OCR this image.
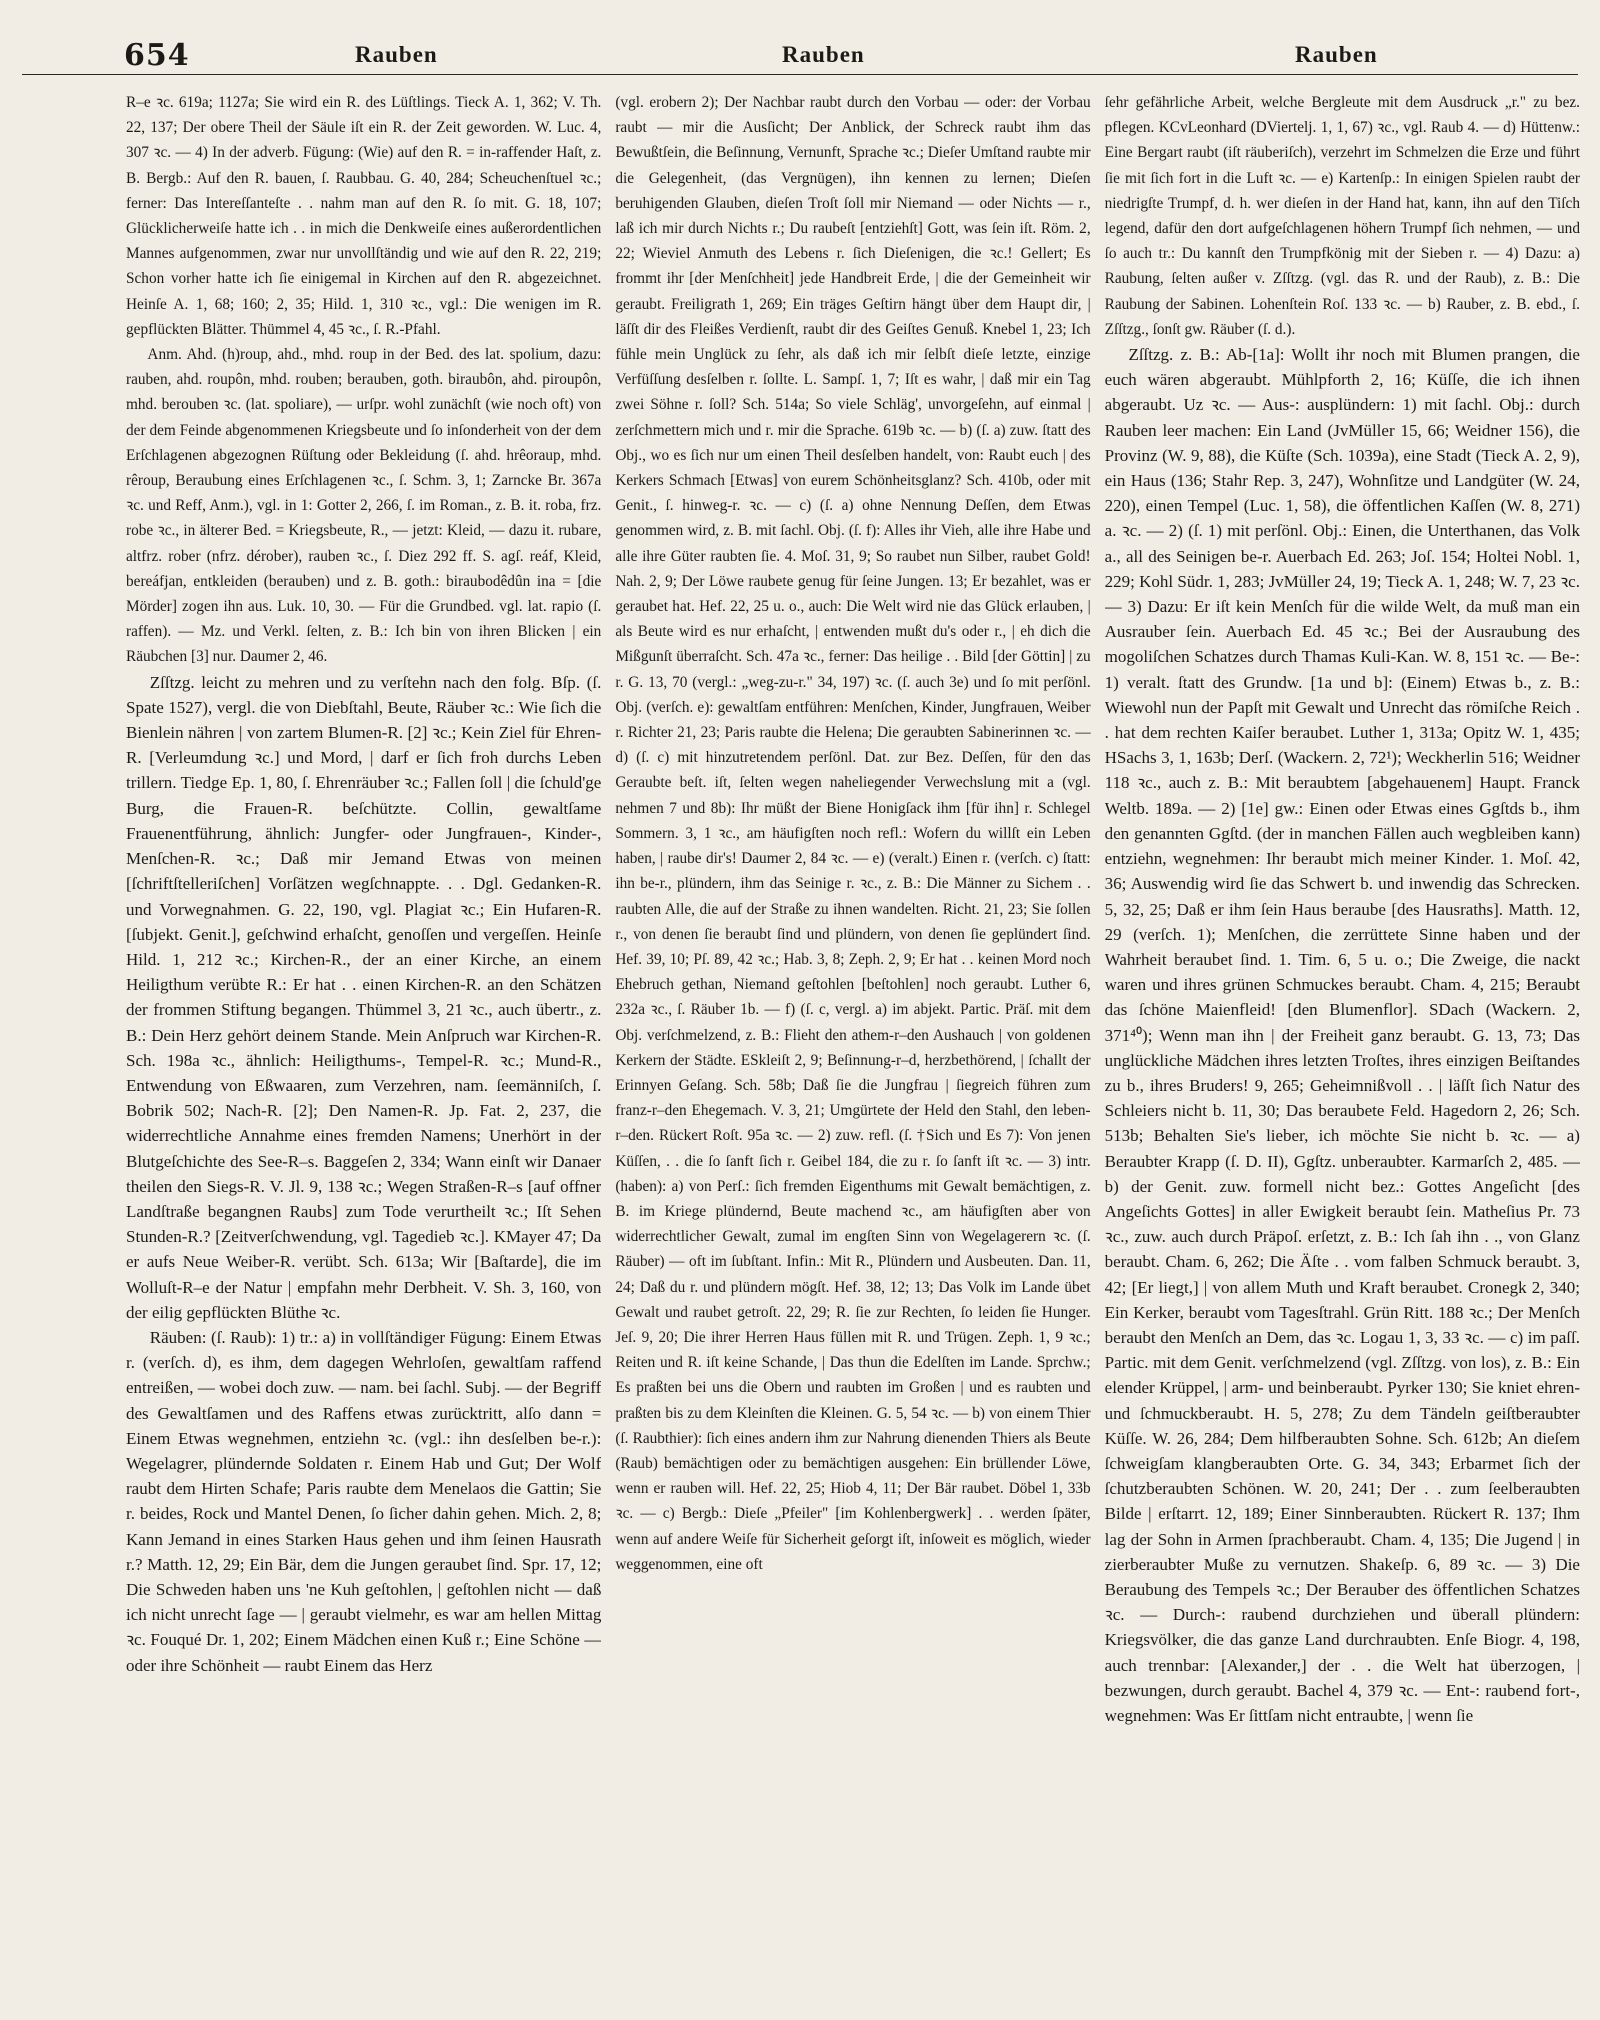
654	Rauben	Rauben	Rauben

R–e ꝛc. 619a; 1127a; Sie wird ein R. des Lüſtlings. Tieck A. 1, 362; V. Th. 22, 137; Der obere Theil der Säule iſt ein R. der Zeit geworden. W. Luc. 4, 307 ꝛc. — 4) In der adverb. Fügung: (Wie) auf den R. = in-raffender Haſt, z. B. Bergb.: Auf den R. bauen, ſ. Raubbau. G. 40, 284; Scheuchenſtuel ꝛc.; ferner: Das Intereſſanteſte . . nahm man auf den R. ſo mit. G. 18, 107; Glücklicherweiſe hatte ich . . in mich die Denkweiſe eines außerordentlichen Mannes aufgenommen, zwar nur unvollſtändig und wie auf den R. 22, 219; Schon vorher hatte ich ſie einigemal in Kirchen auf den R. abgezeichnet. Heinſe A. 1, 68; 160; 2, 35; Hild. 1, 310 ꝛc., vgl.: Die wenigen im R. gepflückten Blätter. Thümmel 4, 45 ꝛc., ſ. R.-Pfahl.

Anm. Ahd. (h)roup, ahd., mhd. roup in der Bed. des lat. spolium, dazu: rauben, ahd. roupôn, mhd. rouben; berauben, goth. biraubôn, ahd. piroupôn, mhd. berouben ꝛc. (lat. spoliare), — urſpr. wohl zunächſt (wie noch oft) von der dem Feinde abgenommenen Kriegsbeute und ſo inſonderheit von der dem Erſchlagenen abgezognen Rüſtung oder Bekleidung (ſ. ahd. hrêoraup, mhd. rêroup, Beraubung eines Erſchlagenen ꝛc., ſ. Schm. 3, 1; Zarncke Br. 367a ꝛc. und Reff, Anm.), vgl. in 1: Gotter 2, 266, ſ. im Roman., z. B. it. roba, frz. robe ꝛc., in älterer Bed. = Kriegsbeute, R., — jetzt: Kleid, — dazu it. rubare, altfrz. rober (nfrz. dérober), rauben ꝛc., ſ. Diez 292 ff. S. agſ. reáf, Kleid, bereáfjan, entkleiden (berauben) und z. B. goth.: biraubodêdûn ina = [die Mörder] zogen ihn aus. Luk. 10, 30. — Für die Grundbed. vgl. lat. rapio (ſ. raffen). — Mz. und Verkl. ſelten, z. B.: Ich bin von ihren Blicken | ein Räubchen [3] nur. Daumer 2, 46.

Zſſtzg. leicht zu mehren und zu verſtehn nach den folg. Bſp. (ſ. Spate 1527), vergl. die von Diebſtahl, Beute, Räuber ꝛc.: Wie ſich die Bienlein nähren | von zartem Blumen-R. [2] ꝛc.; Kein Ziel für Ehren-R. [Verleumdung ꝛc.] und Mord, | darf er ſich froh durchs Leben trillern. Tiedge Ep. 1, 80, ſ. Ehrenräuber ꝛc.; Fallen ſoll | die ſchuld'ge Burg, die Frauen-R. beſchützte. Collin, gewaltſame Frauenentführung, ähnlich: Jungfer- oder Jungfrauen-, Kinder-, Menſchen-R. ꝛc.; Daß mir Jemand Etwas von meinen [ſchriftſtelleriſchen] Vorſätzen wegſchnappte. . . Dgl. Gedanken-R. und Vorwegnahmen. G. 22, 190, vgl. Plagiat ꝛc.; Ein Hufaren-R. [ſubjekt. Genit.], geſchwind erhaſcht, genoſſen und vergeſſen. Heinſe Hild. 1, 212 ꝛc.; Kirchen-R., der an einer Kirche, an einem Heiligthum verübte R.: Er hat . . einen Kirchen-R. an den Schätzen der frommen Stiftung begangen. Thümmel 3, 21 ꝛc., auch übertr., z. B.: Dein Herz gehört deinem Stande. Mein Anſpruch war Kirchen-R. Sch. 198a ꝛc., ähnlich: Heiligthums-, Tempel-R. ꝛc.; Mund-R., Entwendung von Eßwaaren, zum Verzehren, nam. ſeemänniſch, ſ. Bobrik 502; Nach-R. [2]; Den Namen-R. Jp. Fat. 2, 237, die widerrechtliche Annahme eines fremden Namens; Unerhört in der Blutgeſchichte des See-R–s. Baggeſen 2, 334; Wann einſt wir Danaer theilen den Siegs-R. V. Jl. 9, 138 ꝛc.; Wegen Straßen-R–s [auf offner Landſtraße begangnen Raubs] zum Tode verurtheilt ꝛc.; Iſt Sehen Stunden-R.? [Zeitverſchwendung, vgl. Tagedieb ꝛc.]. KMayer 47; Da er aufs Neue Weiber-R. verübt. Sch. 613a; Wir [Baſtarde], die im Wolluſt-R–e der Natur | empfahn mehr Derbheit. V. Sh. 3, 160, von der eilig gepflückten Blüthe ꝛc.

Räuben: (ſ. Raub): 1) tr.: a) in vollſtändiger Fügung: Einem Etwas r. (verſch. d), es ihm, dem dagegen Wehrloſen, gewaltſam raffend entreißen, — wobei doch zuw. — nam. bei ſachl. Subj. — der Begriff des Gewaltſamen und des Raffens etwas zurücktritt, alſo dann = Einem Etwas wegnehmen, entziehn ꝛc. (vgl.: ihn desſelben be-r.): Wegelagrer, plündernde Soldaten r. Einem Hab und Gut; Der Wolf raubt dem Hirten Schafe; Paris raubte dem Menelaos die Gattin; Sie r. beides, Rock und Mantel Denen, ſo ſicher dahin gehen. Mich. 2, 8; Kann Jemand in eines Starken Haus gehen und ihm ſeinen Hausrath r.? Matth. 12, 29; Ein Bär, dem die Jungen geraubet ſind. Spr. 17, 12; Die Schweden haben uns 'ne Kuh geſtohlen, | geſtohlen nicht — daß ich nicht unrecht ſage — | geraubt vielmehr, es war am hellen Mittag ꝛc. Fouqué Dr. 1, 202; Einem Mädchen einen Kuß r.; Eine Schöne — oder ihre Schönheit — raubt Einem das Herz

(vgl. erobern 2); Der Nachbar raubt durch den Vorbau — oder: der Vorbau raubt — mir die Ausſicht; Der Anblick, der Schreck raubt ihm das Bewußtſein, die Beſinnung, Vernunft, Sprache ꝛc.; Dieſer Umſtand raubte mir die Gelegenheit, (das Vergnügen), ihn kennen zu lernen; Dieſen beruhigenden Glauben, dieſen Troſt ſoll mir Niemand — oder Nichts — r., laß ich mir durch Nichts r.; Du raubeſt [entziehſt] Gott, was ſein iſt. Röm. 2, 22; Wieviel Anmuth des Lebens r. ſich Dieſenigen, die ꝛc.! Gellert; Es frommt ihr [der Menſchheit] jede Handbreit Erde, | die der Gemeinheit wir geraubt. Freiligrath 1, 269; Ein träges Geſtirn hängt über dem Haupt dir, | läſſt dir des Fleißes Verdienſt, raubt dir des Geiſtes Genuß. Knebel 1, 23; Ich fühle mein Unglück zu ſehr, als daß ich mir ſelbſt dieſe letzte, einzige Verfüſſung desſelben r. ſollte. L. Sampſ. 1, 7; Iſt es wahr, | daß mir ein Tag zwei Söhne r. ſoll? Sch. 514a; So viele Schläg', unvorgeſehn, auf einmal | zerſchmettern mich und r. mir die Sprache. 619b ꝛc. — b) (ſ. a) zuw. ſtatt des Obj., wo es ſich nur um einen Theil desſelben handelt, von: Raubt euch | des Kerkers Schmach [Etwas] von eurem Schönheitsglanz? Sch. 410b, oder mit Genit., ſ. hinweg-r. ꝛc. — c) (ſ. a) ohne Nennung Deſſen, dem Etwas genommen wird, z. B. mit ſachl. Obj. (ſ. f): Alles ihr Vieh, alle ihre Habe und alle ihre Güter raubten ſie. 4. Moſ. 31, 9; So raubet nun Silber, raubet Gold! Nah. 2, 9; Der Löwe raubete genug für ſeine Jungen. 13; Er bezahlet, was er geraubet hat. Hef. 22, 25 u. o., auch: Die Welt wird nie das Glück erlauben, | als Beute wird es nur erhaſcht, | entwenden mußt du's oder r., | eh dich die Mißgunſt überraſcht. Sch. 47a ꝛc., ferner: Das heilige . . Bild [der Göttin] | zu r. G. 13, 70 (vergl.: „weg-zu-r." 34, 197) ꝛc. (ſ. auch 3e) und ſo mit perſönl. Obj. (verſch. e): gewaltſam entführen: Menſchen, Kinder, Jungfrauen, Weiber r. Richter 21, 23; Paris raubte die Helena; Die geraubten Sabinerinnen ꝛc. — d) (ſ. c) mit hinzutretendem perſönl. Dat. zur Bez. Deſſen, für den das Geraubte beſt. iſt, ſelten wegen naheliegender Verwechslung mit a (vgl. nehmen 7 und 8b): Ihr müßt der Biene Honigſack ihm [für ihn] r. Schlegel Sommern. 3, 1 ꝛc., am häufigſten noch refl.: Wofern du willſt ein Leben haben, | raube dir's! Daumer 2, 84 ꝛc. — e) (veralt.) Einen r. (verſch. c) ſtatt: ihn be-r., plündern, ihm das Seinige r. ꝛc., z. B.: Die Männer zu Sichem . . raubten Alle, die auf der Straße zu ihnen wandelten. Richt. 21, 23; Sie ſollen r., von denen ſie beraubt ſind und plündern, von denen ſie geplündert ſind. Hef. 39, 10; Pſ. 89, 42 ꝛc.; Hab. 3, 8; Zeph. 2, 9; Er hat . . keinen Mord noch Ehebruch gethan, Niemand geſtohlen [beſtohlen] noch geraubt. Luther 6, 232a ꝛc., ſ. Räuber 1b. — f) (ſ. c, vergl. a) im abjekt. Partic. Präſ. mit dem Obj. verſchmelzend, z. B.: Flieht den athem-r–den Aushauch | von goldenen Kerkern der Städte. ESkleiſt 2, 9; Beſinnung-r–d, herzbethörend, | ſchallt der Erinnyen Geſang. Sch. 58b; Daß ſie die Jungfrau | ſiegreich führen zum franz-r–den Ehegemach. V. 3, 21; Umgürtete der Held den Stahl, den leben-r–den. Rückert Roſt. 95a ꝛc. — 2) zuw. refl. (ſ. †Sich und Es 7): Von jenen Küſſen, . . die ſo ſanft ſich r. Geibel 184, die zu r. ſo ſanft iſt ꝛc. — 3) intr. (haben): a) von Perſ.: ſich fremden Eigenthums mit Gewalt bemächtigen, z. B. im Kriege plündernd, Beute machend ꝛc., am häufigſten aber von widerrechtlicher Gewalt, zumal im engſten Sinn von Wegelagerern ꝛc. (ſ. Räuber) — oft im ſubſtant. Infin.: Mit R., Plündern und Ausbeuten. Dan. 11, 24; Daß du r. und plündern mögſt. Hef. 38, 12; 13; Das Volk im Lande übet Gewalt und raubet getroſt. 22, 29; R. ſie zur Rechten, ſo leiden ſie Hunger. Jeſ. 9, 20; Die ihrer Herren Haus füllen mit R. und Trügen. Zeph. 1, 9 ꝛc.; Reiten und R. iſt keine Schande, | Das thun die Edelſten im Lande. Sprchw.; Es praßten bei uns die Obern und raubten im Großen | und es raubten und praßten bis zu dem Kleinſten die Kleinen. G. 5, 54 ꝛc. — b) von einem Thier (ſ. Raubthier): ſich eines andern ihm zur Nahrung dienenden Thiers als Beute (Raub) bemächtigen oder zu bemächtigen ausgehen: Ein brüllender Löwe, wenn er rauben will. Hef. 22, 25; Hiob 4, 11; Der Bär raubet. Döbel 1, 33b ꝛc. — c) Bergb.: Dieſe „Pfeiler" [im Kohlenbergwerk] . . werden ſpäter, wenn auf andere Weiſe für Sicherheit geſorgt iſt, inſoweit es möglich, wieder weggenommen, eine oft

ſehr gefährliche Arbeit, welche Bergleute mit dem Ausdruck „r." zu bez. pflegen. KCvLeonhard (DViertelj. 1, 1, 67) ꝛc., vgl. Raub 4. — d) Hüttenw.: Eine Bergart raubt (iſt räuberiſch), verzehrt im Schmelzen die Erze und führt ſie mit ſich fort in die Luft ꝛc. — e) Kartenſp.: In einigen Spielen raubt der niedrigſte Trumpf, d. h. wer dieſen in der Hand hat, kann, ihn auf den Tiſch legend, dafür den dort aufgeſchlagenen höhern Trumpf ſich nehmen, — und ſo auch tr.: Du kannſt den Trumpfkönig mit der Sieben r. — 4) Dazu: a) Raubung, ſelten außer v. Zſſtzg. (vgl. das R. und der Raub), z. B.: Die Raubung der Sabinen. Lohenſtein Roſ. 133 ꝛc. — b) Rauber, z. B. ebd., ſ. Zſſtzg., ſonſt gw. Räuber (ſ. d.).

Zſſtzg. z. B.: Ab-[1a]: Wollt ihr noch mit Blumen prangen, die euch wären abgeraubt. Mühlpforth 2, 16; Küſſe, die ich ihnen abgeraubt. Uz ꝛc. — Aus-: ausplündern: 1) mit ſachl. Obj.: durch Rauben leer machen: Ein Land (JvMüller 15, 66; Weidner 156), die Provinz (W. 9, 88), die Küſte (Sch. 1039a), eine Stadt (Tieck A. 2, 9), ein Haus (136; Stahr Rep. 3, 247), Wohnſitze und Landgüter (W. 24, 220), einen Tempel (Luc. 1, 58), die öffentlichen Kaſſen (W. 8, 271) a. ꝛc. — 2) (ſ. 1) mit perſönl. Obj.: Einen, die Unterthanen, das Volk a., all des Seinigen be-r. Auerbach Ed. 263; Joſ. 154; Holtei Nobl. 1, 229; Kohl Südr. 1, 283; JvMüller 24, 19; Tieck A. 1, 248; W. 7, 23 ꝛc. — 3) Dazu: Er iſt kein Menſch für die wilde Welt, da muß man ein Ausrauber ſein. Auerbach Ed. 45 ꝛc.; Bei der Ausraubung des mogoliſchen Schatzes durch Thamas Kuli-Kan. W. 8, 151 ꝛc. — Be-: 1) veralt. ſtatt des Grundw. [1a und b]: (Einem) Etwas b., z. B.: Wiewohl nun der Papſt mit Gewalt und Unrecht das römiſche Reich . . hat dem rechten Kaiſer beraubet. Luther 1, 313a; Opitz W. 1, 435; HSachs 3, 1, 163b; Derſ. (Wackern. 2, 72¹); Weckherlin 516; Weidner 118 ꝛc., auch z. B.: Mit beraubtem [abgehauenem] Haupt. Franck Weltb. 189a. — 2) [1e] gw.: Einen oder Etwas eines Ggſtds b., ihm den genannten Ggſtd. (der in manchen Fällen auch wegbleiben kann) entziehn, wegnehmen: Ihr beraubt mich meiner Kinder. 1. Moſ. 42, 36; Auswendig wird ſie das Schwert b. und inwendig das Schrecken. 5, 32, 25; Daß er ihm ſein Haus beraube [des Hausraths]. Matth. 12, 29 (verſch. 1); Menſchen, die zerrüttete Sinne haben und der Wahrheit beraubet ſind. 1. Tim. 6, 5 u. o.; Die Zweige, die nackt waren und ihres grünen Schmuckes beraubt. Cham. 4, 215; Beraubt das ſchöne Maienfleid! [den Blumenflor]. SDach (Wackern. 2, 371⁴⁰); Wenn man ihn | der Freiheit ganz beraubt. G. 13, 73; Das unglückliche Mädchen ihres letzten Troſtes, ihres einzigen Beiſtandes zu b., ihres Bruders! 9, 265; Geheimnißvoll . . | läſſt ſich Natur des Schleiers nicht b. 11, 30; Das beraubete Feld. Hagedorn 2, 26; Sch. 513b; Behalten Sie's lieber, ich möchte Sie nicht b. ꝛc. — a) Beraubter Krapp (ſ. D. II), Ggſtz. unberaubter. Karmarſch 2, 485. — b) der Genit. zuw. formell nicht bez.: Gottes Angeſicht [des Angeſichts Gottes] in aller Ewigkeit beraubt ſein. Matheſius Pr. 73 ꝛc., zuw. auch durch Präpoſ. erſetzt, z. B.: Ich ſah ihn . ., von Glanz beraubt. Cham. 6, 262; Die Äſte . . vom falben Schmuck beraubt. 3, 42; [Er liegt,] | von allem Muth und Kraft beraubet. Cronegk 2, 340; Ein Kerker, beraubt vom Tagesſtrahl. Grün Ritt. 188 ꝛc.; Der Menſch beraubt den Menſch an Dem, das ꝛc. Logau 1, 3, 33 ꝛc. — c) im paſſ. Partic. mit dem Genit. verſchmelzend (vgl. Zſſtzg. von los), z. B.: Ein elender Krüppel, | arm- und beinberaubt. Pyrker 130; Sie kniet ehren- und ſchmuckberaubt. H. 5, 278; Zu dem Tändeln geiſtberaubter Küſſe. W. 26, 284; Dem hilfberaubten Sohne. Sch. 612b; An dieſem ſchweigſam klangberaubten Orte. G. 34, 343; Erbarmet ſich der ſchutzberaubten Schönen. W. 20, 241; Der . . zum ſeelberaubten Bilde | erſtarrt. 12, 189; Einer Sinnberaubten. Rückert R. 137; Ihm lag der Sohn in Armen ſprachberaubt. Cham. 4, 135; Die Jugend | in zierberaubter Muße zu vernutzen. Shakeſp. 6, 89 ꝛc. — 3) Die Beraubung des Tempels ꝛc.; Der Berauber des öffentlichen Schatzes ꝛc. — Durch-: raubend durchziehen und überall plündern: Kriegsvölker, die das ganze Land durchraubten. Enſe Biogr. 4, 198, auch trennbar: [Alexander,] der . . die Welt hat überzogen, | bezwungen, durch geraubt. Bachel 4, 379 ꝛc. — Ent-: raubend fort-, wegnehmen: Was Er ſittſam nicht entraubte, | wenn ſie
